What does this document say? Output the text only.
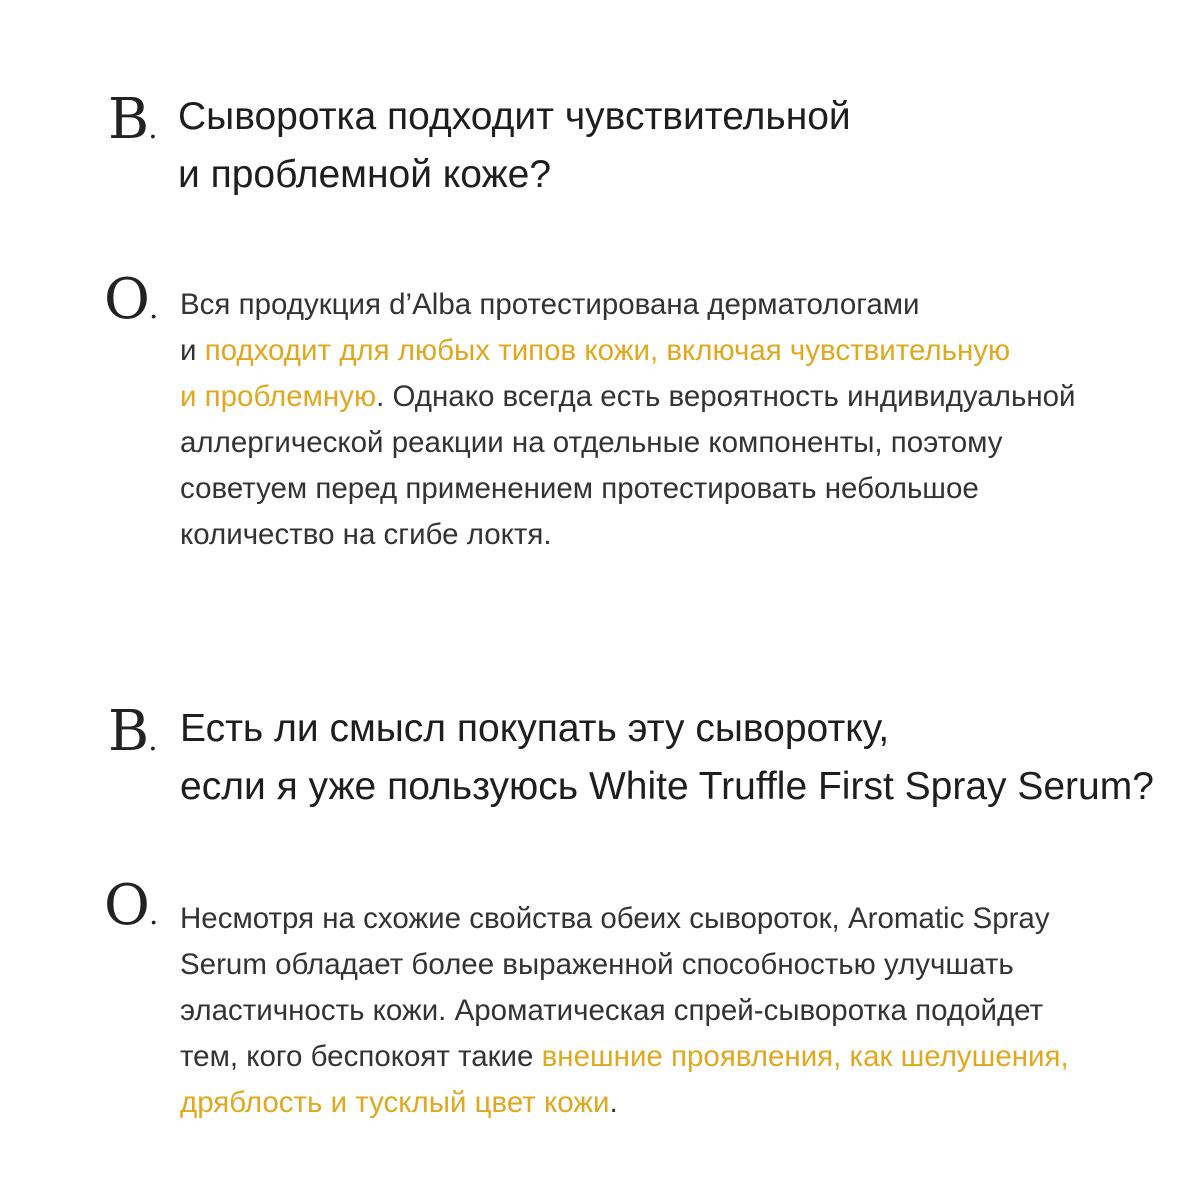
В. Сыворотка подходит чувствительной
и проблемной коже?
О. Вся продукция d’Alba протестирована дерматологами
и подходит для любых типов кожи, включая чувствительную
и проблемную. Однако всегда есть вероятность индивидуальной
аллергической реакции на отдельные компоненты, поэтому
советуем перед применением протестировать небольшое
количество на сгибе локтя.
В. Есть ли смысл покупать эту сыворотку,
если я уже пользуюсь White Truffle First Spray Serum?
О. Несмотря на схожие свойства обеих сывороток, Aromatic Spray
Serum обладает более выраженной способностью улучшать
эластичность кожи. Ароматическая спрей-сыворотка подойдет
тем, кого беспокоят такие внешние проявления, как шелушения,
дряблость и тусклый цвет кожи.
